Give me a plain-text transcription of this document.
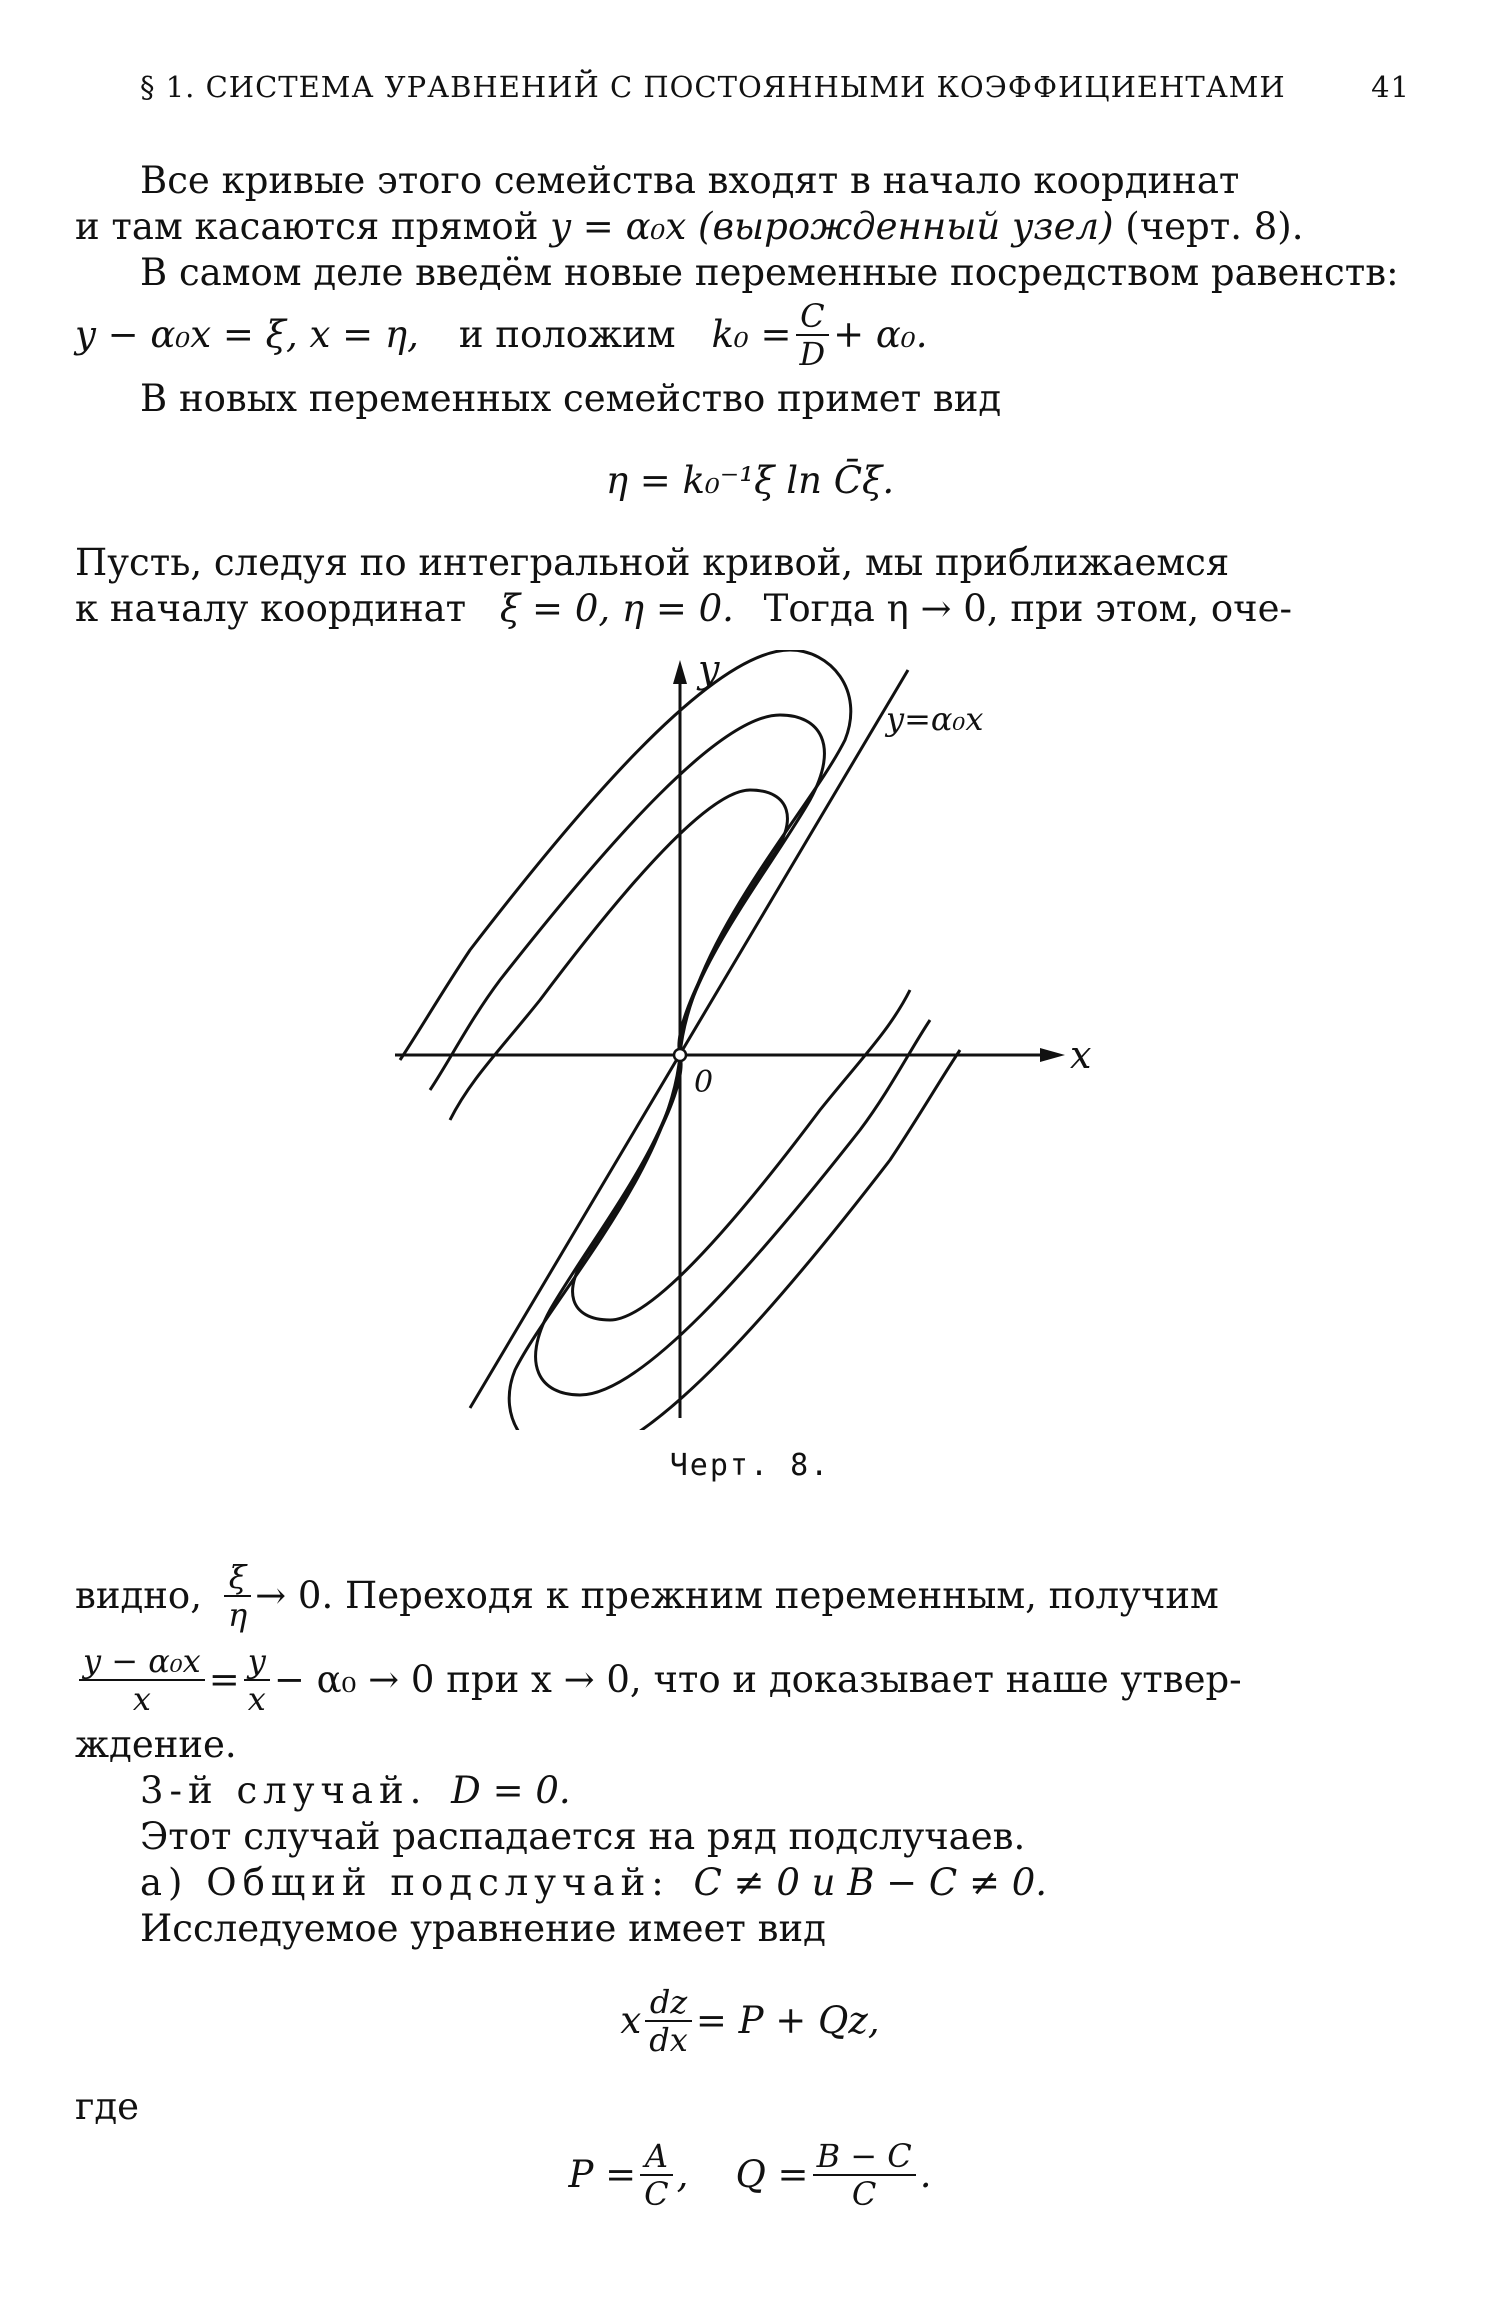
§ 1. СИСТЕМА УРАВНЕНИЙ С ПОСТОЯННЫМИ КОЭФФИЦИЕНТАМИ	41
Все кривые этого семейства входят в начало координат
и там касаются прямой y = α₀x (вырожденный узел) (черт. 8).
В самом деле введём новые переменные посредством равенств:
y − α₀x = ξ, x = η, и положим $k_0 = \frac{C}{D} + \alpha_0$.
В новых переменных семейство примет вид
η = k₀⁻¹ξ ln C̄ξ.
Пусть, следуя по интегральной кривой, мы приближаемся
к началу координат ξ = 0, η = 0. Тогда η → 0, при этом, оче-
y
x
0
y=α₀x
Черт. 8.
видно, $\frac{\xi}{\eta} \to 0$. Переходя к прежним переменным, получим
$\frac{\text{y − α₀x}}{x} = \frac{y}{x} - \alpha_0 \to 0$ при x → 0, что и доказывает наше утвер-
ждение.
3-й случай. D = 0.
Этот случай распадается на ряд подслучаев.
а) Общий подслучай: C ≠ 0 и B − C ≠ 0.
Исследуемое уравнение имеет вид
x $\frac{dz}{dx} = P + Qz$,
где
$P = \frac{A}{C}$ ,    $Q = \frac{B - C}{C}$ .
